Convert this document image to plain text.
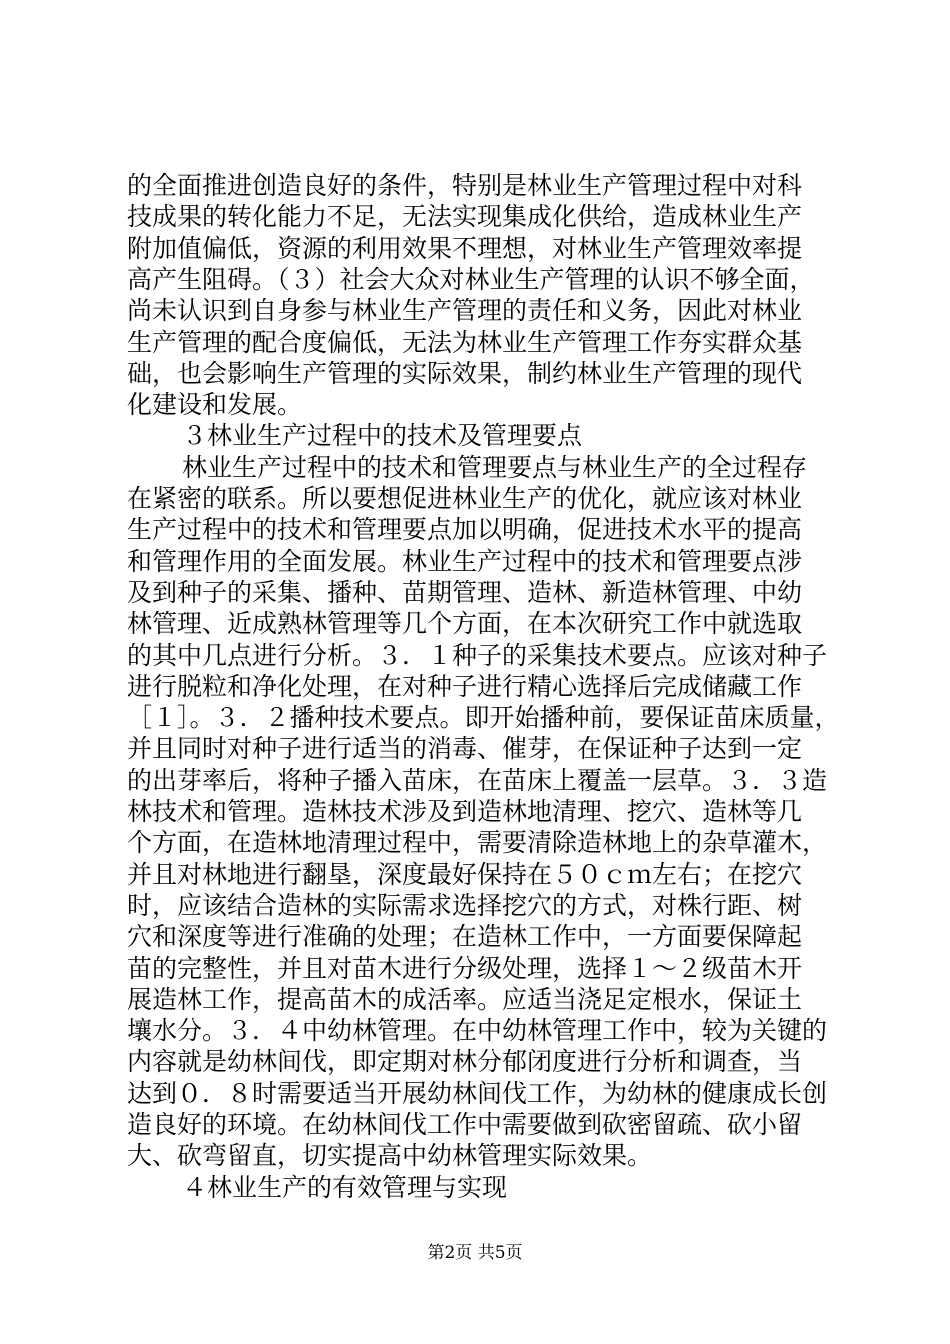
的全面推进创造良好的条件，特别是林业生产管理过程中对科
技成果的转化能力不足，无法实现集成化供给，造成林业生产
附加值偏低，资源的利用效果不理想，对林业生产管理效率提
高产生阻碍。（３）社会大众对林业生产管理的认识不够全面，
尚未认识到自身参与林业生产管理的责任和义务，因此对林业
生产管理的配合度偏低，无法为林业生产管理工作夯实群众基
础，也会影响生产管理的实际效果，制约林业生产管理的现代
化建设和发展。
３林业生产过程中的技术及管理要点
林业生产过程中的技术和管理要点与林业生产的全过程存
在紧密的联系。所以要想促进林业生产的优化，就应该对林业
生产过程中的技术和管理要点加以明确，促进技术水平的提高
和管理作用的全面发展。林业生产过程中的技术和管理要点涉
及到种子的采集、播种、苗期管理、造林、新造林管理、中幼
林管理、近成熟林管理等几个方面，在本次研究工作中就选取
的其中几点进行分析。３．１种子的采集技术要点。应该对种子
进行脱粒和净化处理，在对种子进行精心选择后完成储藏工作
［１］。３．２播种技术要点。即开始播种前，要保证苗床质量，
并且同时对种子进行适当的消毒、催芽，在保证种子达到一定
的出芽率后，将种子播入苗床，在苗床上覆盖一层草。３．３造
林技术和管理。造林技术涉及到造林地清理、挖穴、造林等几
个方面，在造林地清理过程中，需要清除造林地上的杂草灌木，
并且对林地进行翻垦，深度最好保持在５０ｃｍ左右；在挖穴
时，应该结合造林的实际需求选择挖穴的方式，对株行距、树
穴和深度等进行准确的处理；在造林工作中，一方面要保障起
苗的完整性，并且对苗木进行分级处理，选择１～２级苗木开
展造林工作，提高苗木的成活率。应适当浇足定根水，保证土
壤水分。３．４中幼林管理。在中幼林管理工作中，较为关键的
内容就是幼林间伐，即定期对林分郁闭度进行分析和调查，当
达到０．８时需要适当开展幼林间伐工作，为幼林的健康成长创
造良好的环境。在幼林间伐工作中需要做到砍密留疏、砍小留
大、砍弯留直，切实提高中幼林管理实际效果。
４林业生产的有效管理与实现
第2页 共5页
